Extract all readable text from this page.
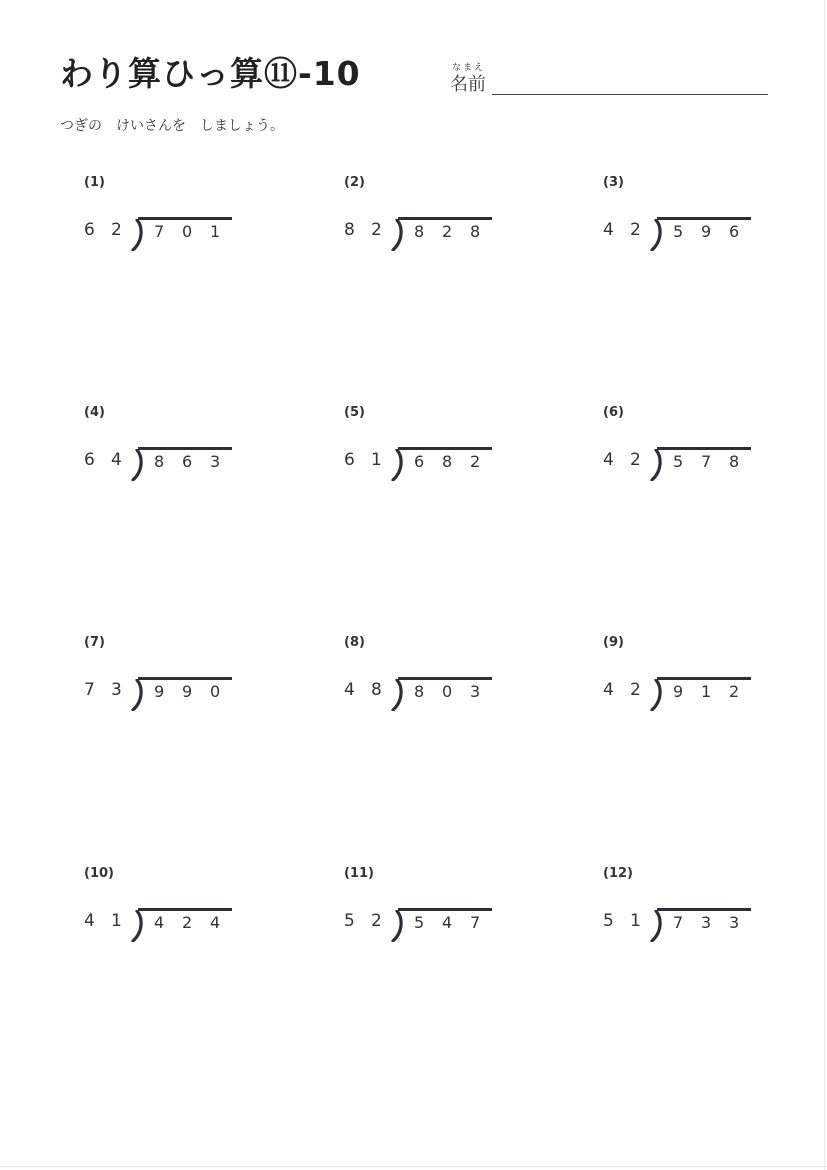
わり算ひっ算⑪-10	なまえ
名前
つぎの　けいさんを　しましょう。
(1)
6 2	7	0	1
(2)
8 2	8	2	8
(3)
4 2	5	9	6
(4)
6 4	8	6	3
(5)
6 1	6	8	2
(6)
4 2	5	7	8
(7)
7 3	9	9	0
(8)
4 8	8	0	3
(9)
4 2	9	1	2
(10)
4 1	4	2	4
(11)
5 2	5	4	7
(12)
5 1	7	3	3
